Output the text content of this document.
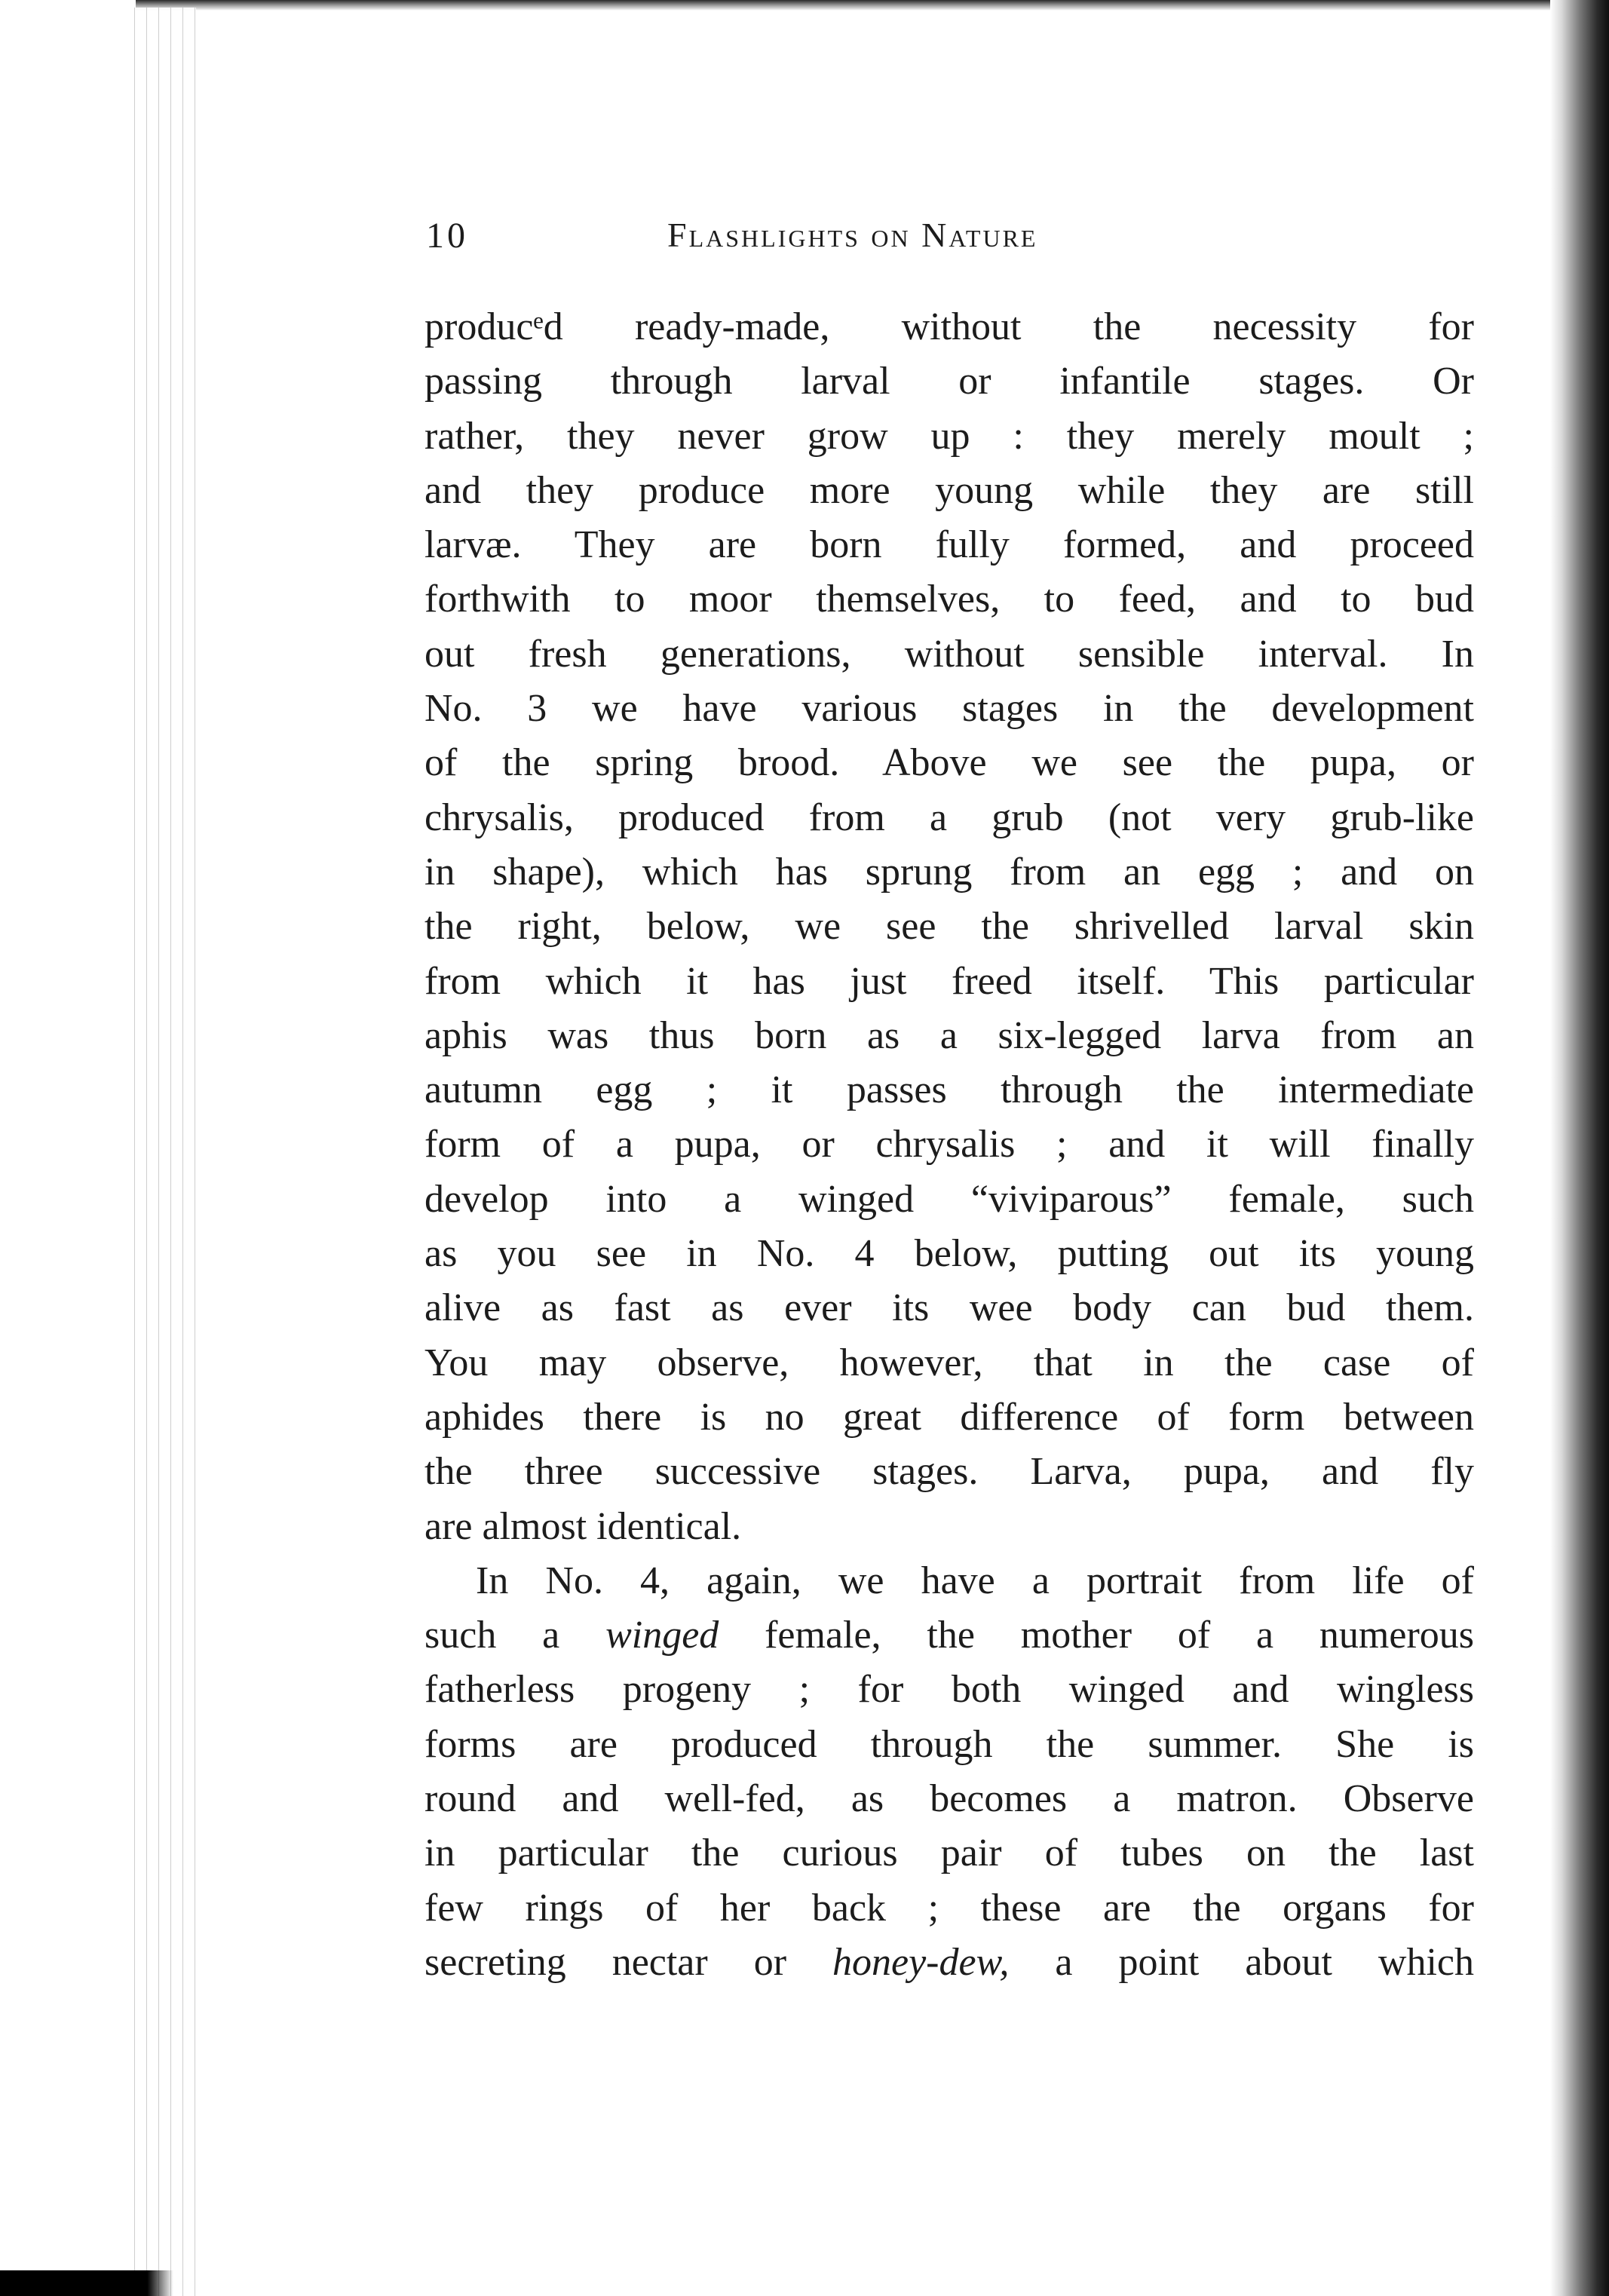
10	Flashlights on Nature
producᵉd ready-made, without the necessity for
passing through larval or infantile stages. Or
rather, they never grow up : they merely moult ;
and they produce more young while they are still
larvæ. They are born fully formed, and proceed
forthwith to moor themselves, to feed, and to bud
out fresh generations, without sensible interval. In
No. 3 we have various stages in the development
of the spring brood. Above we see the pupa, or
chrysalis, produced from a grub (not very grub-like
in shape), which has sprung from an egg ; and on
the right, below, we see the shrivelled larval skin
from which it has just freed itself. This particular
aphis was thus born as a six-legged larva from an
autumn egg ; it passes through the intermediate
form of a pupa, or chrysalis ; and it will finally
develop into a winged “viviparous” female, such
as you see in No. 4 below, putting out its young
alive as fast as ever its wee body can bud them.
You may observe, however, that in the case of
aphides there is no great difference of form between
the three successive stages. Larva, pupa, and fly
are almost identical.
In No. 4, again, we have a portrait from life of
such a winged female, the mother of a numerous
fatherless progeny ; for both winged and wingless
forms are produced through the summer. She is
round and well-fed, as becomes a matron. Observe
in particular the curious pair of tubes on the last
few rings of her back ; these are the organs for
secreting nectar or honey-dew, a point about which
